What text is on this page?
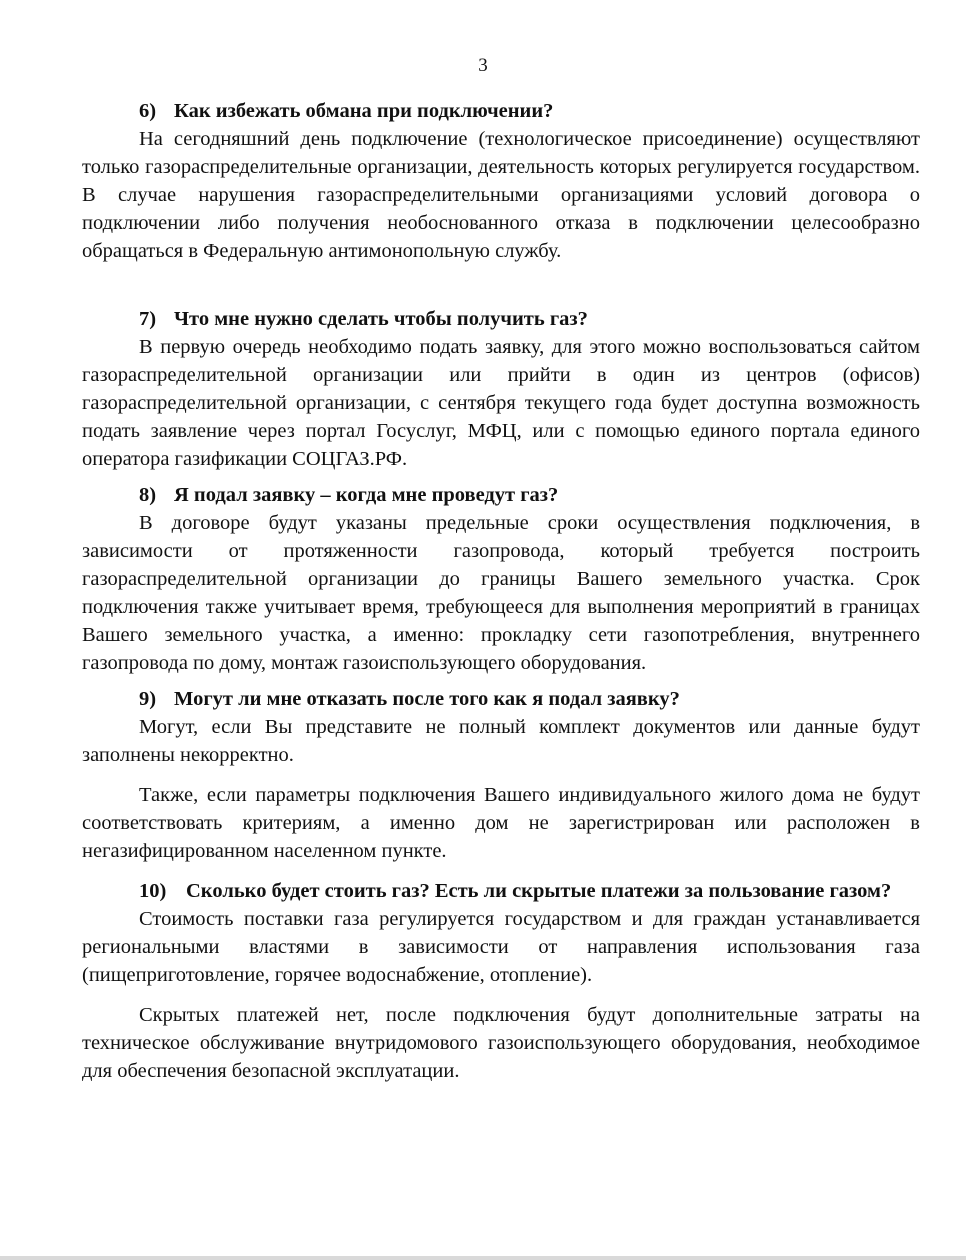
3

6) Как избежать обмана при подключении?

На сегодняшний день подключение (технологическое присоединение) осуществляют только газораспределительные организации, деятельность которых регулируется государством. В случае нарушения газораспределительными организациями условий договора о подключении либо получения необоснованного отказа в подключении целесообразно обращаться в Федеральную антимонопольную службу.

7) Что мне нужно сделать чтобы получить газ?

В первую очередь необходимо подать заявку, для этого можно воспользоваться сайтом газораспределительной организации или прийти в один из центров (офисов) газораспределительной организации, с сентября текущего года будет доступна возможность подать заявление через портал Госуслуг, МФЦ, или с помощью единого портала единого оператора газификации СОЦГАЗ.РФ.

8) Я подал заявку – когда мне проведут газ?

В договоре будут указаны предельные сроки осуществления подключения, в зависимости от протяженности газопровода, который требуется построить газораспределительной организации до границы Вашего земельного участка. Срок подключения также учитывает время, требующееся для выполнения мероприятий в границах Вашего земельного участка, а именно: прокладку сети газопотребления, внутреннего газопровода по дому, монтаж газоиспользующего оборудования.

9) Могут ли мне отказать после того как я подал заявку?

Могут, если Вы представите не полный комплект документов или данные будут заполнены некорректно.

Также, если параметры подключения Вашего индивидуального жилого дома не будут соответствовать критериям, а именно дом не зарегистрирован или расположен в негазифицированном населенном пункте.

10) Сколько будет стоить газ? Есть ли скрытые платежи за пользование газом?

Стоимость поставки газа регулируется государством и для граждан устанавливается региональными властями в зависимости от направления использования газа (пищеприготовление, горячее водоснабжение, отопление).

Скрытых платежей нет, после подключения будут дополнительные затраты на техническое обслуживание внутридомового газоиспользующего оборудования, необходимое для обеспечения безопасной эксплуатации.
